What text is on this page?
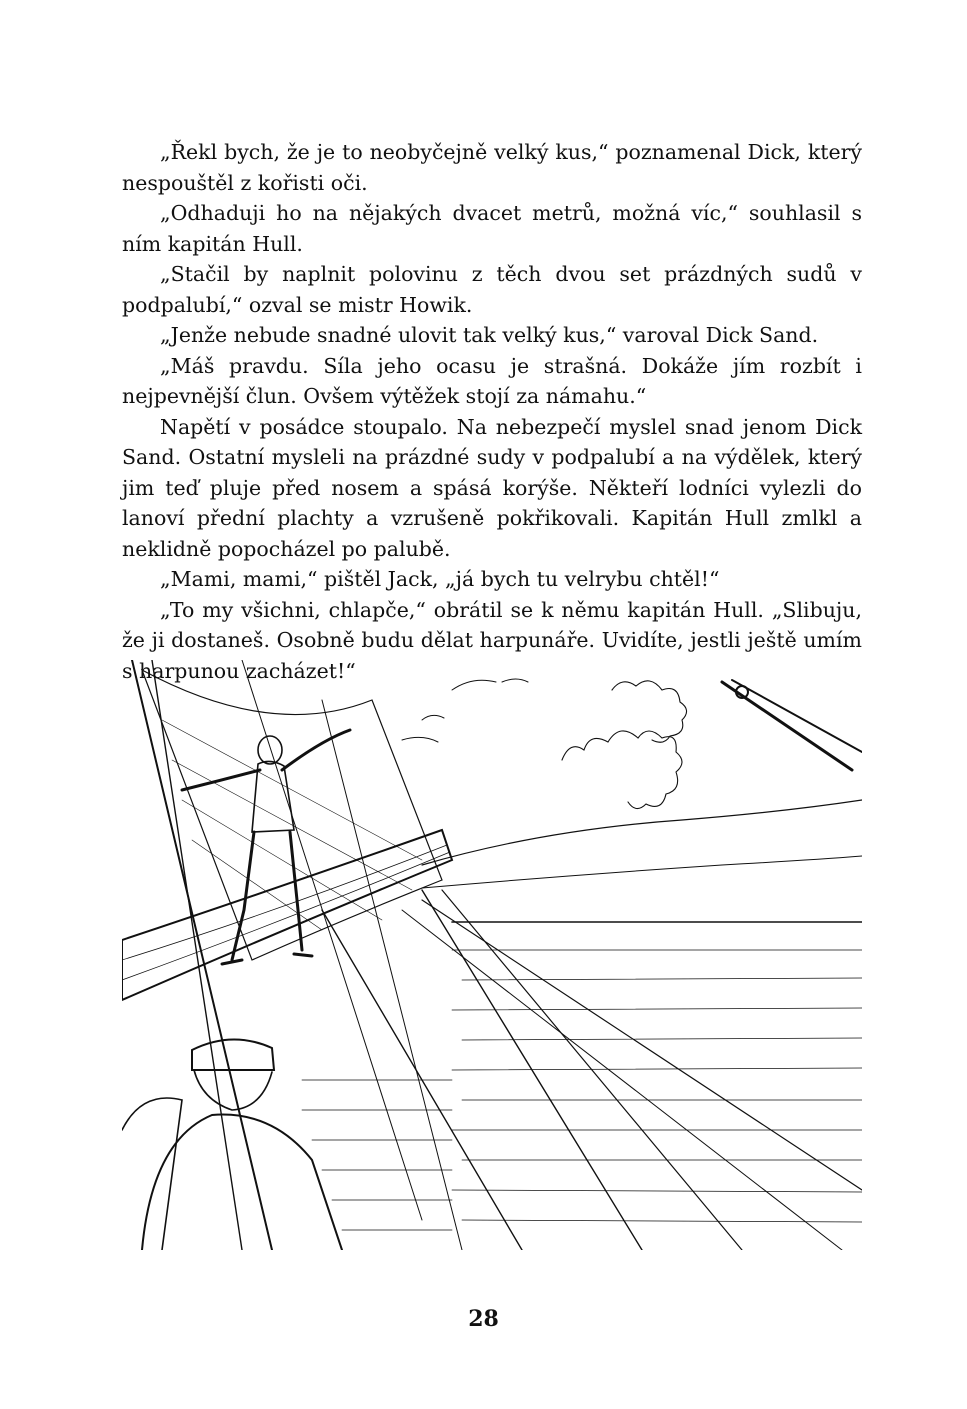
„Řekl bych, že je to neobyčejně velký kus,“ poznamenal Dick, který nespouštěl z kořisti oči.

„Odhaduji ho na nějakých dvacet metrů, možná víc,“ souhlasil s ním kapitán Hull.

„Stačil by naplnit polovinu z těch dvou set prázdných sudů v podpalubí,“ ozval se mistr Howik.

„Jenže nebude snadné ulovit tak velký kus,“ varoval Dick Sand.

„Máš pravdu. Síla jeho ocasu je strašná. Dokáže jím rozbít i nejpevnější člun. Ovšem výtěžek stojí za námahu.“

Napětí v posádce stoupalo. Na nebezpečí myslel snad jenom Dick Sand. Ostatní mysleli na prázdné sudy v podpalubí a na výdělek, který jim teď pluje před nosem a spásá korýše. Někteří lodníci vylezli do lanoví přední plachty a vzrušeně pokřikovali. Kapitán Hull zmlkl a neklidně popocházel po palubě.

„Mami, mami,“ pištěl Jack, „já bych tu velrybu chtěl!“

„To my všichni, chlapče,“ obrátil se k němu kapitán Hull. „Slibuju, že ji dostaneš. Osobně budu dělat harpunáře. Uvidíte, jestli ještě umím s harpunou zacházet!“

28
